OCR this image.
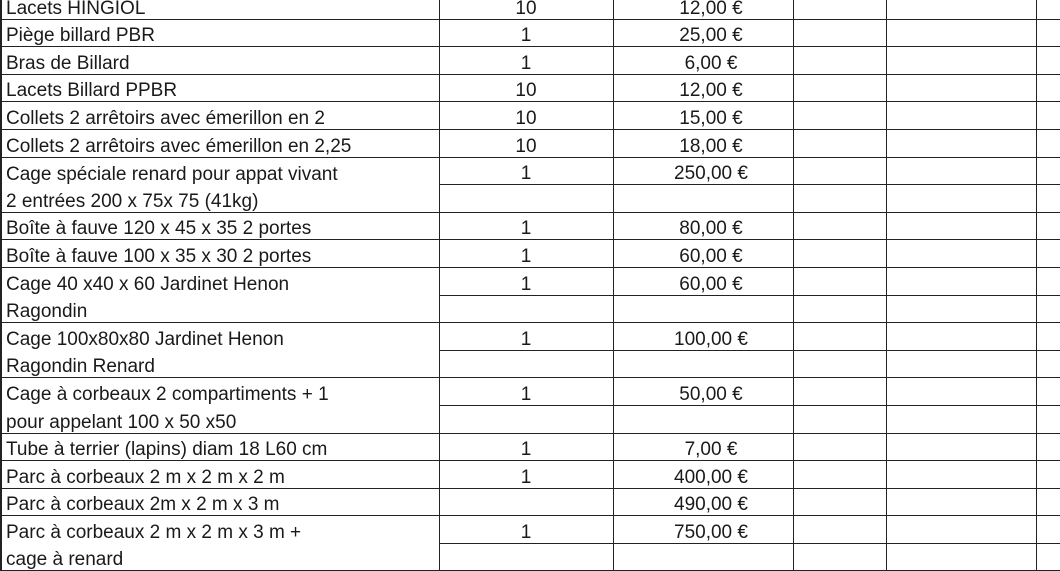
Lacets HINGIOL	10	12,00 €			
Piège billard PBR	1	25,00 €			
Bras de Billard	1	6,00 €			
Lacets Billard PPBR	10	12,00 €			
Collets 2 arrêtoirs avec émerillon en 2	10	15,00 €			
Collets 2 arrêtoirs avec émerillon en 2,25	10	18,00 €			
Cage spéciale renard pour appat vivant	1	250,00 €			
2 entrées 200 x 75x 75 (41kg)					
Boîte à fauve 120 x 45 x 35 2 portes	1	80,00 €			
Boîte à fauve 100 x 35 x 30 2 portes	1	60,00 €			
Cage 40 x40 x 60 Jardinet Henon	1	60,00 €			
Ragondin					
Cage 100x80x80 Jardinet Henon	1	100,00 €			
Ragondin Renard					
Cage à corbeaux 2 compartiments + 1	1	50,00 €			
pour appelant 100 x 50 x50					
Tube à terrier (lapins) diam 18 L60 cm	1	7,00 €			
Parc à corbeaux 2 m x 2 m x 2 m	1	400,00 €			
Parc à corbeaux 2m x 2 m x 3 m		490,00 €			
Parc à corbeaux 2 m x 2 m x 3 m +	1	750,00 €			
cage à renard					
